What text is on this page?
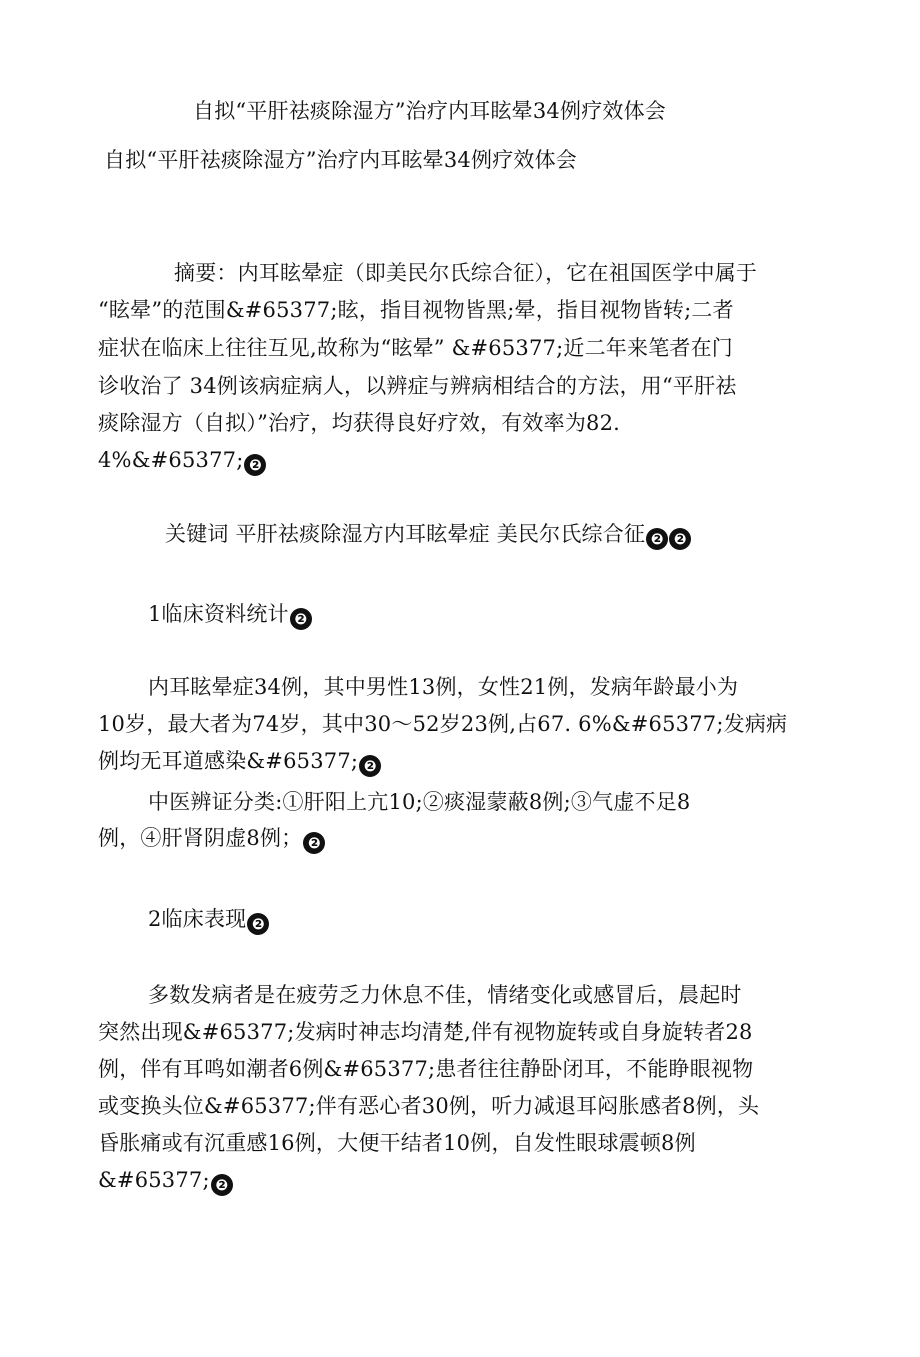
自拟“平肝祛痰除湿方”治疗内耳眩晕34例疗效体会
自拟“平肝祛痰除湿方”治疗内耳眩晕34例疗效体会
摘要：内耳眩晕症（即美民尔氏综合征），它在祖国医学中属于
“眩晕”的范围&#65377;眩，指目视物皆黑;晕，指目视物皆转;二者
症状在临床上往往互见,故称为“眩晕” &#65377;近二年来笔者在门
诊收治了 34例该病症病人，以辨症与辨病相结合的方法，用“平肝祛
痰除湿方（自拟）”治疗，均获得良好疗效，有效率为82.
4%&#65377; ❷
关键词 平肝祛痰除湿方内耳眩晕症 美民尔氏综合征 ❷ ❷
1临床资料统计 ❷
内耳眩晕症34例，其中男性13例，女性21例，发病年龄最小为
10岁，最大者为74岁，其中30～52岁23例,占67. 6%&#65377;发病病
例均无耳道感染&#65377; ❷
中医辨证分类:①肝阳上亢10;②痰湿蒙蔽8例;③气虚不足8
例，④肝肾阴虚8例； ❷
2临床表现 ❷
多数发病者是在疲劳乏力休息不佳，情绪变化或感冒后，晨起时
突然出现&#65377;发病时神志均清楚,伴有视物旋转或自身旋转者28
例，伴有耳鸣如潮者6例&#65377;患者往往静卧闭耳，不能睁眼视物
或变换头位&#65377;伴有恶心者30例，听力减退耳闷胀感者8例，头
昏胀痛或有沉重感16例，大便干结者10例，自发性眼球震顿8例
&#65377; ❷
